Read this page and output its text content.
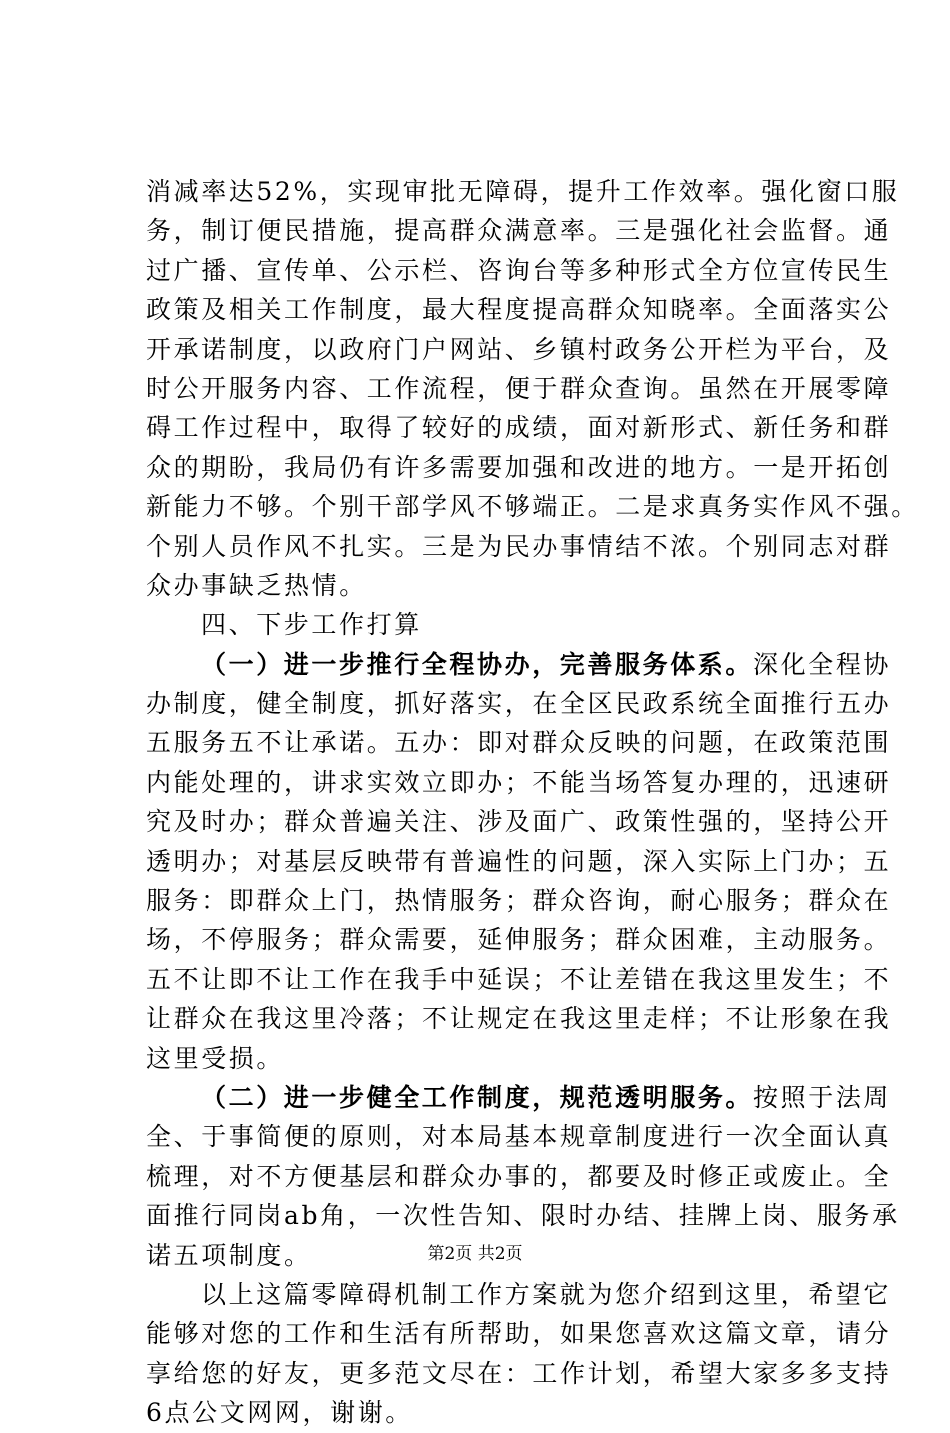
消减率达52%，实现审批无障碍，提升工作效率。强化窗口服
务，制订便民措施，提高群众满意率。三是强化社会监督。通
过广播、宣传单、公示栏、咨询台等多种形式全方位宣传民生
政策及相关工作制度，最大程度提高群众知晓率。全面落实公
开承诺制度，以政府门户网站、乡镇村政务公开栏为平台，及
时公开服务内容、工作流程，便于群众查询。虽然在开展零障
碍工作过程中，取得了较好的成绩，面对新形式、新任务和群
众的期盼，我局仍有许多需要加强和改进的地方。一是开拓创
新能力不够。个别干部学风不够端正。二是求真务实作风不强。
个别人员作风不扎实。三是为民办事情结不浓。个别同志对群
众办事缺乏热情。
四、下步工作打算
（一）进一步推行全程协办，完善服务体系。深化全程协
办制度，健全制度，抓好落实，在全区民政系统全面推行五办
五服务五不让承诺。五办：即对群众反映的问题，在政策范围
内能处理的，讲求实效立即办；不能当场答复办理的，迅速研
究及时办；群众普遍关注、涉及面广、政策性强的，坚持公开
透明办；对基层反映带有普遍性的问题，深入实际上门办；五
服务：即群众上门，热情服务；群众咨询，耐心服务；群众在
场，不停服务；群众需要，延伸服务；群众困难，主动服务。
五不让即不让工作在我手中延误；不让差错在我这里发生；不
让群众在我这里冷落；不让规定在我这里走样；不让形象在我
这里受损。
（二）进一步健全工作制度，规范透明服务。按照于法周
全、于事简便的原则，对本局基本规章制度进行一次全面认真
梳理，对不方便基层和群众办事的，都要及时修正或废止。全
面推行同岗ab角，一次性告知、限时办结、挂牌上岗、服务承
诺五项制度。
以上这篇零障碍机制工作方案就为您介绍到这里，希望它
能够对您的工作和生活有所帮助，如果您喜欢这篇文章，请分
享给您的好友，更多范文尽在：工作计划，希望大家多多支持
6点公文网网，谢谢。
第2页 共2页
